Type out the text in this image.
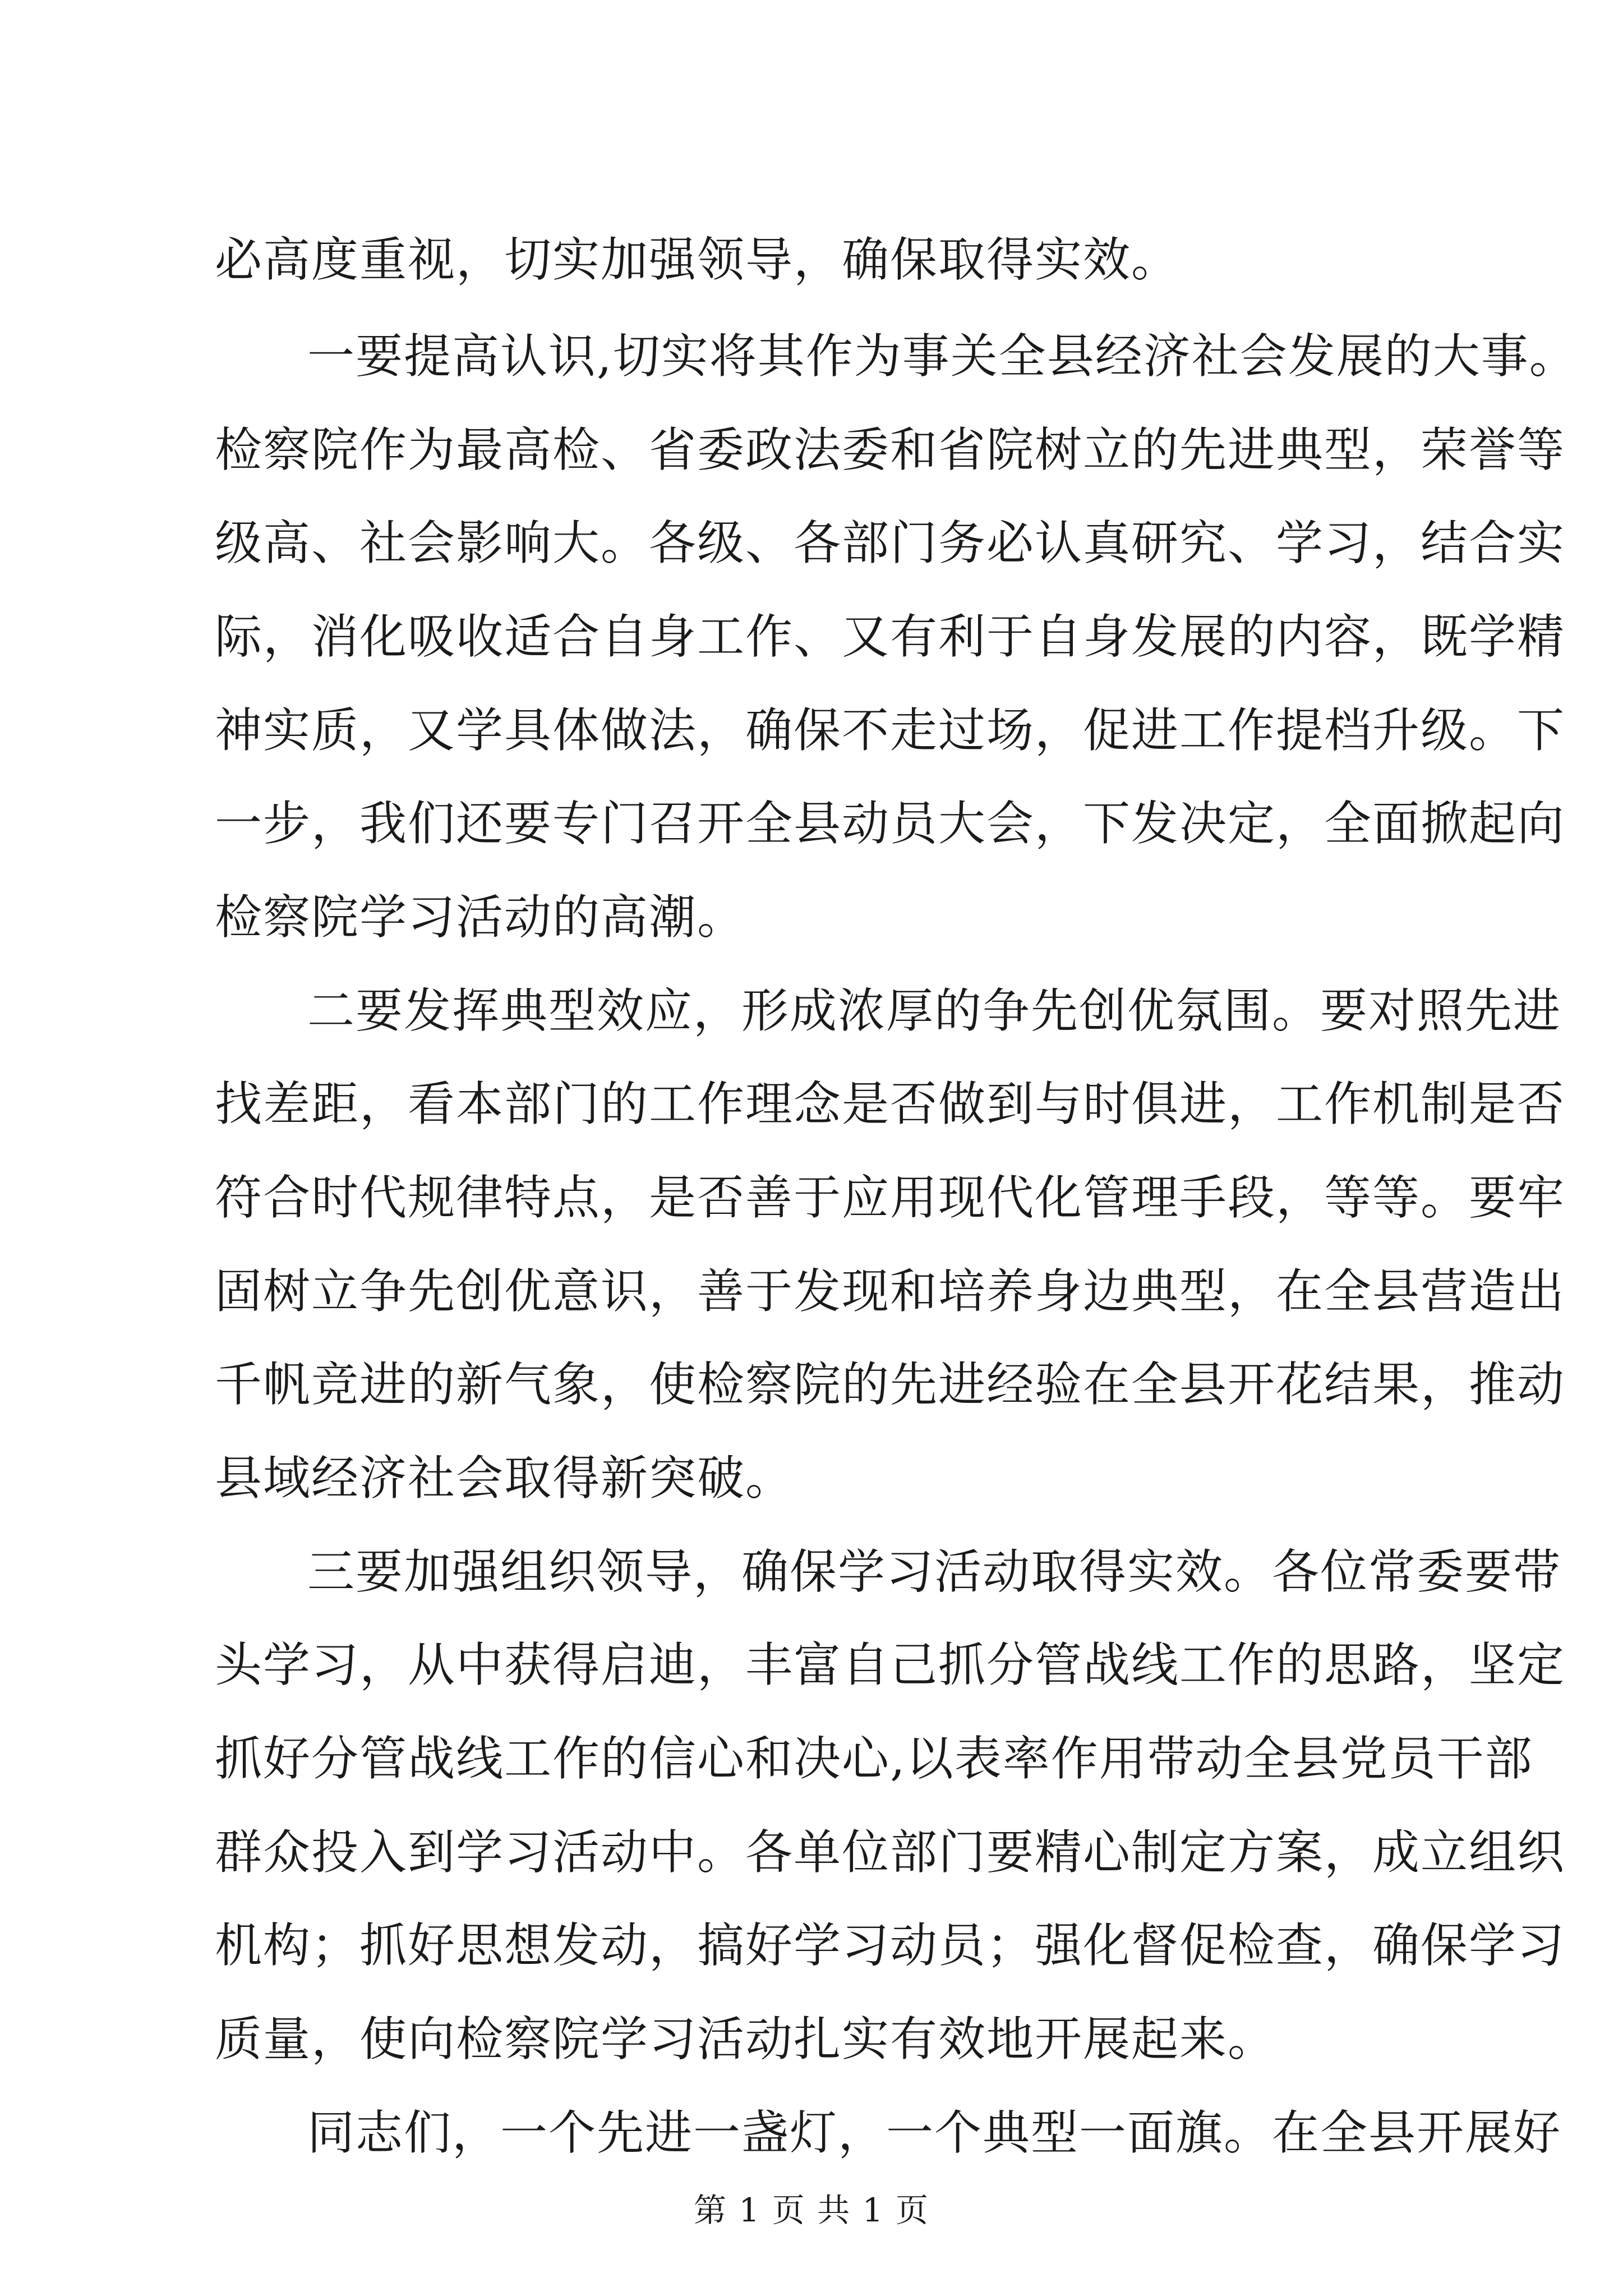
必高度重视，切实加强领导，确保取得实效。
一要提高认识,切实将其作为事关全县经济社会发展的大事。
检察院作为最高检、省委政法委和省院树立的先进典型，荣誉等
级高、社会影响大。各级、各部门务必认真研究、学习，结合实
际，消化吸收适合自身工作、又有利于自身发展的内容，既学精
神实质，又学具体做法，确保不走过场，促进工作提档升级。下
一步，我们还要专门召开全县动员大会，下发决定，全面掀起向
检察院学习活动的高潮。
二要发挥典型效应，形成浓厚的争先创优氛围。要对照先进
找差距，看本部门的工作理念是否做到与时俱进，工作机制是否
符合时代规律特点，是否善于应用现代化管理手段，等等。要牢
固树立争先创优意识，善于发现和培养身边典型，在全县营造出
千帆竞进的新气象，使检察院的先进经验在全县开花结果，推动
县域经济社会取得新突破。
三要加强组织领导，确保学习活动取得实效。各位常委要带
头学习，从中获得启迪，丰富自己抓分管战线工作的思路，坚定
抓好分管战线工作的信心和决心,以表率作用带动全县党员干部
群众投入到学习活动中。各单位部门要精心制定方案，成立组织
机构；抓好思想发动，搞好学习动员；强化督促检查，确保学习
质量，使向检察院学习活动扎实有效地开展起来。
同志们，一个先进一盏灯，一个典型一面旗。在全县开展好
第 1 页 共 1 页
